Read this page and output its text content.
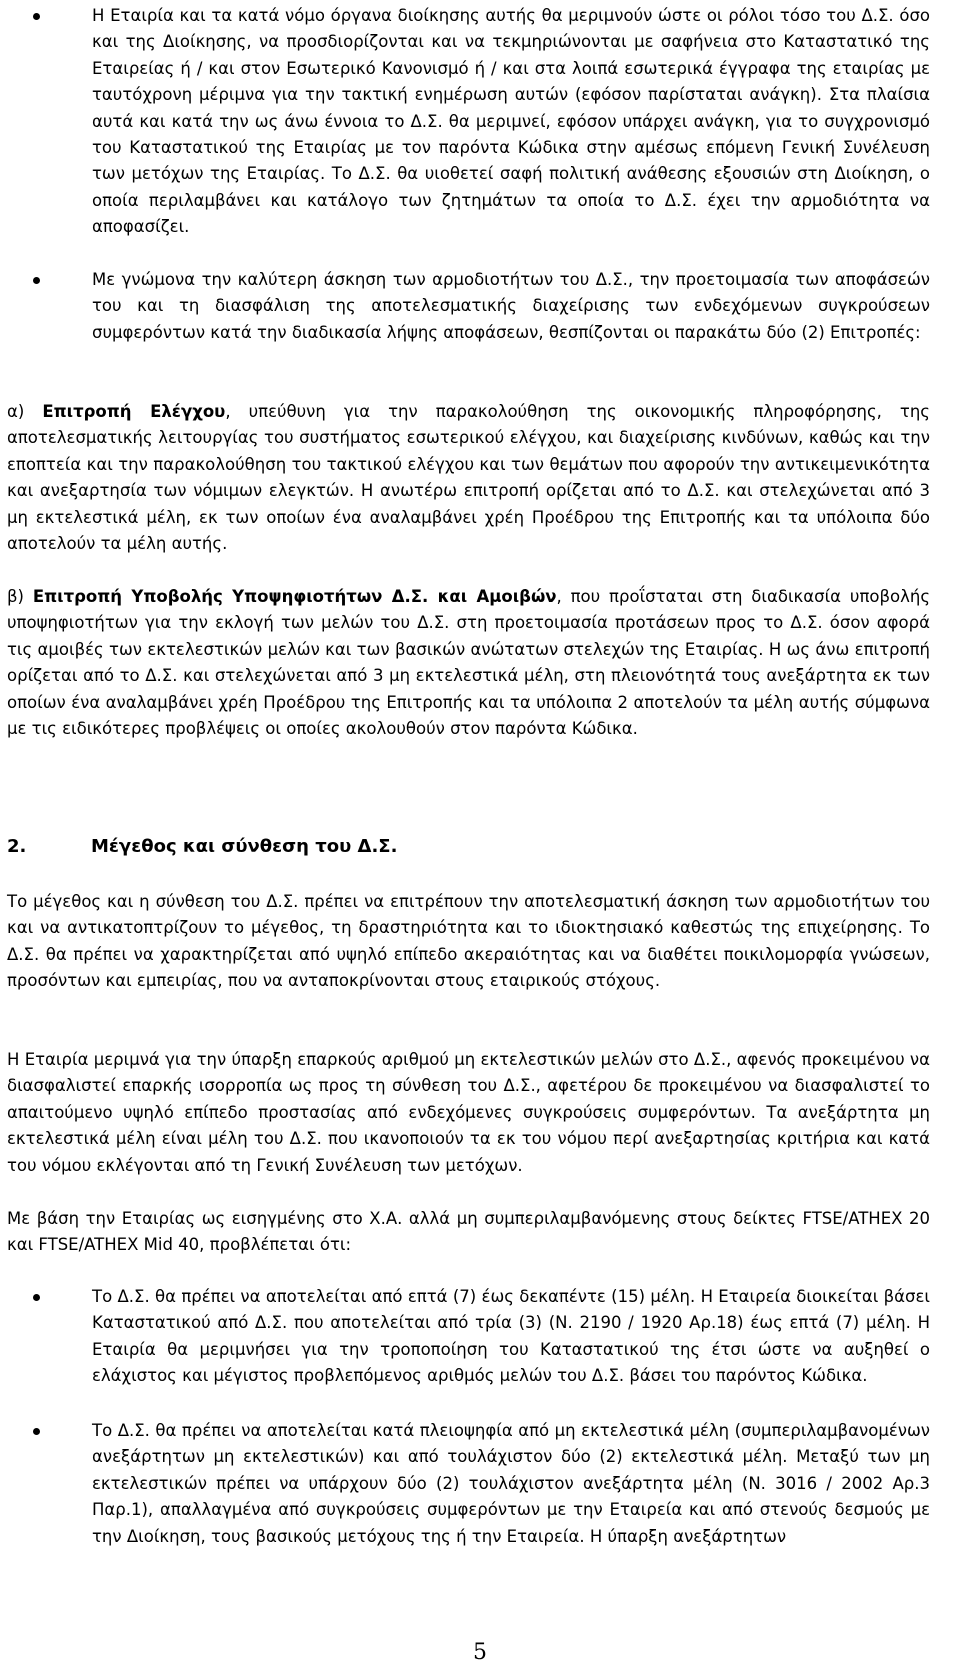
Η Εταιρία και τα κατά νόμο όργανα διοίκησης αυτής θα μεριμνούν ώστε οι ρόλοι τόσο του Δ.Σ. όσο και της Διοίκησης, να προσδιορίζονται και να τεκμηριώνονται με σαφήνεια στο Καταστατικό της Εταιρείας ή / και στον Εσωτερικό Κανονισμό ή / και στα λοιπά εσωτερικά έγγραφα της εταιρίας με ταυτόχρονη μέριμνα για την τακτική ενημέρωση αυτών (εφόσον παρίσταται ανάγκη). Στα πλαίσια αυτά και κατά την ως άνω έννοια το Δ.Σ. θα μεριμνεί, εφόσον υπάρχει ανάγκη, για το συγχρονισμό του Καταστατικού της Εταιρίας με τον παρόντα Κώδικα στην αμέσως επόμενη Γενική Συνέλευση των μετόχων της Εταιρίας. Το Δ.Σ. θα υιοθετεί σαφή πολιτική ανάθεσης εξουσιών στη Διοίκηση, ο οποία περιλαμβάνει και κατάλογο των ζητημάτων τα οποία το Δ.Σ. έχει την αρμοδιότητα να αποφασίζει.

Με γνώμονα την καλύτερη άσκηση των αρμοδιοτήτων του Δ.Σ., την προετοιμασία των αποφάσεών του και τη διασφάλιση της αποτελεσματικής διαχείρισης των ενδεχόμενων συγκρούσεων συμφερόντων κατά την διαδικασία λήψης αποφάσεων, θεσπίζονται οι παρακάτω δύο (2) Επιτροπές:

α) Επιτροπή Ελέγχου, υπεύθυνη για την παρακολούθηση της οικονομικής πληροφόρησης, της αποτελεσματικής λειτουργίας του συστήματος εσωτερικού ελέγχου, και διαχείρισης κινδύνων, καθώς και την εποπτεία και την παρακολούθηση του τακτικού ελέγχου και των θεμάτων που αφορούν την αντικειμενικότητα και ανεξαρτησία των νόμιμων ελεγκτών. Η ανωτέρω επιτροπή ορίζεται από το Δ.Σ. και στελεχώνεται από 3 μη εκτελεστικά μέλη, εκ των οποίων ένα αναλαμβάνει χρέη Προέδρου της Επιτροπής και τα υπόλοιπα δύο αποτελούν τα μέλη αυτής.

β) Επιτροπή Υποβολής Υποψηφιοτήτων Δ.Σ. και Αμοιβών, που προΐσταται στη διαδικασία υποβολής υποψηφιοτήτων για την εκλογή των μελών του Δ.Σ. στη προετοιμασία προτάσεων προς το Δ.Σ. όσον αφορά τις αμοιβές των εκτελεστικών μελών και των βασικών ανώτατων στελεχών της Εταιρίας. Η ως άνω επιτροπή ορίζεται από το Δ.Σ. και στελεχώνεται από 3 μη εκτελεστικά μέλη, στη πλειονότητά τους ανεξάρτητα εκ των οποίων ένα αναλαμβάνει χρέη Προέδρου της Επιτροπής και τα υπόλοιπα 2 αποτελούν τα μέλη αυτής σύμφωνα με τις ειδικότερες προβλέψεις οι οποίες ακολουθούν στον παρόντα Κώδικα.

2.	Μέγεθος και σύνθεση του Δ.Σ.

Το μέγεθος και η σύνθεση του Δ.Σ. πρέπει να επιτρέπουν την αποτελεσματική άσκηση των αρμοδιοτήτων του και να αντικατοπτρίζουν το μέγεθος, τη δραστηριότητα και το ιδιοκτησιακό καθεστώς της επιχείρησης. Το Δ.Σ. θα πρέπει να χαρακτηρίζεται από υψηλό επίπεδο ακεραιότητας και να διαθέτει ποικιλομορφία γνώσεων, προσόντων και εμπειρίας, που να ανταποκρίνονται στους εταιρικούς στόχους.

Η Εταιρία μεριμνά για την ύπαρξη επαρκούς αριθμού μη εκτελεστικών μελών στο Δ.Σ., αφενός προκειμένου να διασφαλιστεί επαρκής ισορροπία ως προς τη σύνθεση του Δ.Σ., αφετέρου δε προκειμένου να διασφαλιστεί το απαιτούμενο υψηλό επίπεδο προστασίας από ενδεχόμενες συγκρούσεις συμφερόντων. Τα ανεξάρτητα μη εκτελεστικά μέλη είναι μέλη του Δ.Σ. που ικανοποιούν τα εκ του νόμου περί ανεξαρτησίας κριτήρια και κατά του νόμου εκλέγονται από τη Γενική Συνέλευση των μετόχων.

Με βάση την Εταιρίας ως εισηγμένης στο Χ.Α. αλλά μη συμπεριλαμβανόμενης στους δείκτες FTSE/ATHEX 20 και FTSE/ATHEX Mid 40, προβλέπεται ότι:

Το Δ.Σ. θα πρέπει να αποτελείται από επτά (7) έως δεκαπέντε (15) μέλη. Η Εταιρεία διοικείται βάσει Καταστατικού από Δ.Σ. που αποτελείται από τρία (3) (Ν. 2190 / 1920 Αρ.18) έως επτά (7) μέλη. Η Εταιρία θα μεριμνήσει για την τροποποίηση του Καταστατικού της έτσι ώστε να αυξηθεί ο ελάχιστος και μέγιστος προβλεπόμενος αριθμός μελών του Δ.Σ. βάσει του παρόντος Κώδικα.

Το Δ.Σ. θα πρέπει να αποτελείται κατά πλειοψηφία από μη εκτελεστικά μέλη (συμπεριλαμβανομένων ανεξάρτητων μη εκτελεστικών) και από τουλάχιστον δύο (2) εκτελεστικά μέλη. Μεταξύ των μη εκτελεστικών πρέπει να υπάρχουν δύο (2) τουλάχιστον ανεξάρτητα μέλη (Ν. 3016 / 2002 Αρ.3 Παρ.1), απαλλαγμένα από συγκρούσεις συμφερόντων με την Εταιρεία και από στενούς δεσμούς με την Διοίκηση, τους βασικούς μετόχους της ή την Εταιρεία. Η ύπαρξη ανεξάρτητων

5
